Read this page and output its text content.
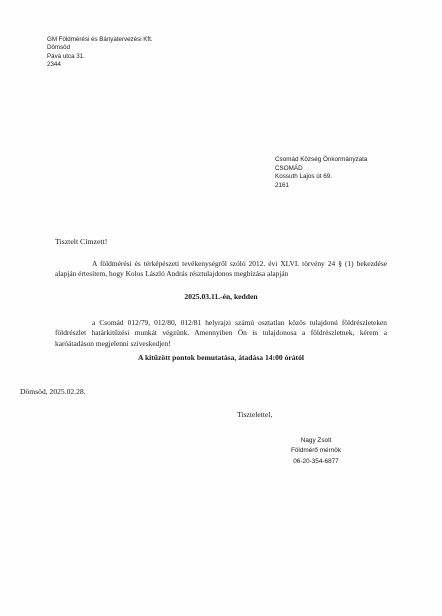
GM Földmérési és Bányatervezési Kft.
Dömsöd
Páva utca 31.
2344
Csomád Község Önkormányzata
CSOMÁD
Kossuth Lajos út 69.
2161
Tisztelt Címzett!
A földmérési és térképészeti tevékenységről szóló 2012. évi XLVI. törvény 24 § (1) bekezdése alapján értesítem, hogy Kolos László András résztulajdonos megbízása alapján
2025.03.11.-én, kedden
a Csomád 012/79, 012/80, 012/81 helyrajzi számú osztatlan közös tulajdonú földrészleteken földrészlet határkitűzési munkát végzünk. Amennyiben Ön is tulajdonosa a földrészletnek, kérem a karóátadáson megjelenni szíveskedjen!
A kitűzött pontok bemutatása, átadása 14:00 órától
Dömsöd, 2025.02.28.
Tisztelettel,
Nagy Zsolt
Földmérő mérnök
06-20-354-6877
